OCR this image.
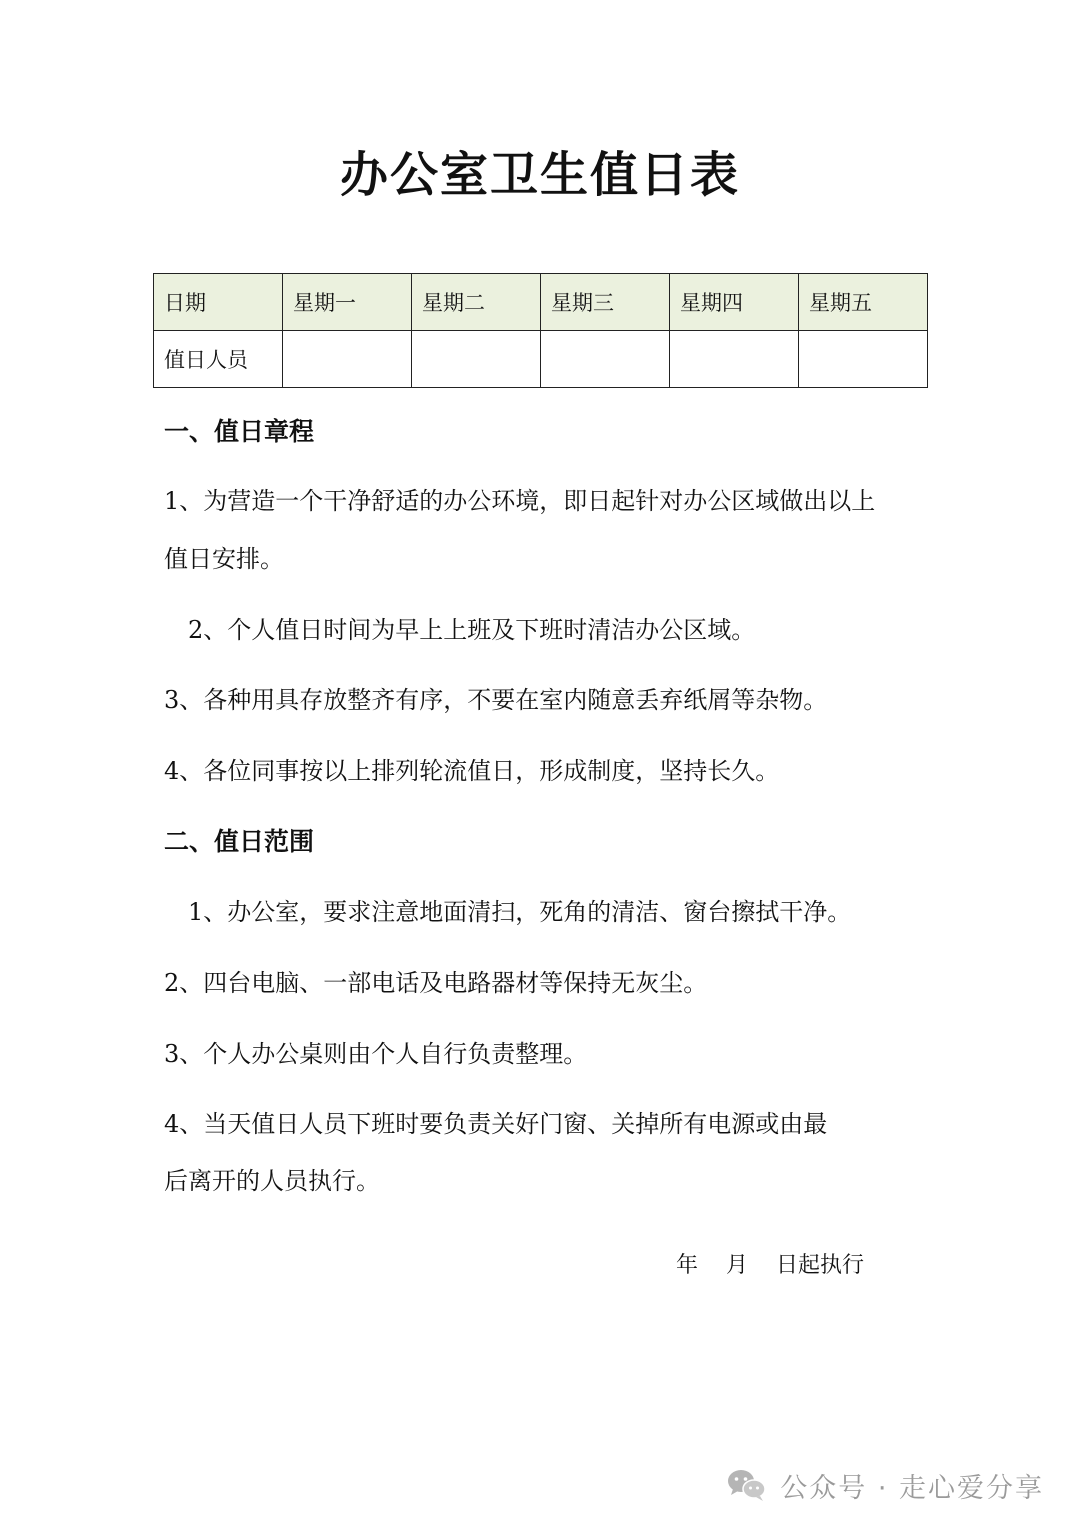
办公室卫生值日表
日期	星期一	星期二	星期三	星期四	星期五
值日人员					
一、值日章程
1、为营造一个干净舒适的办公环境，即日起针对办公区域做出以上
值日安排。
2、个人值日时间为早上上班及下班时清洁办公区域。
3、各种用具存放整齐有序，不要在室内随意丢弃纸屑等杂物。
4、各位同事按以上排列轮流值日，形成制度，坚持长久。
二、值日范围
1、办公室，要求注意地面清扫，死角的清洁、窗台擦拭干净。
2、四台电脑、一部电话及电路器材等保持无灰尘。
3、个人办公桌则由个人自行负责整理。
4、当天值日人员下班时要负责关好门窗、关掉所有电源或由最
后离开的人员执行。
年    月    日起执行
公众号 · 走心爱分享
